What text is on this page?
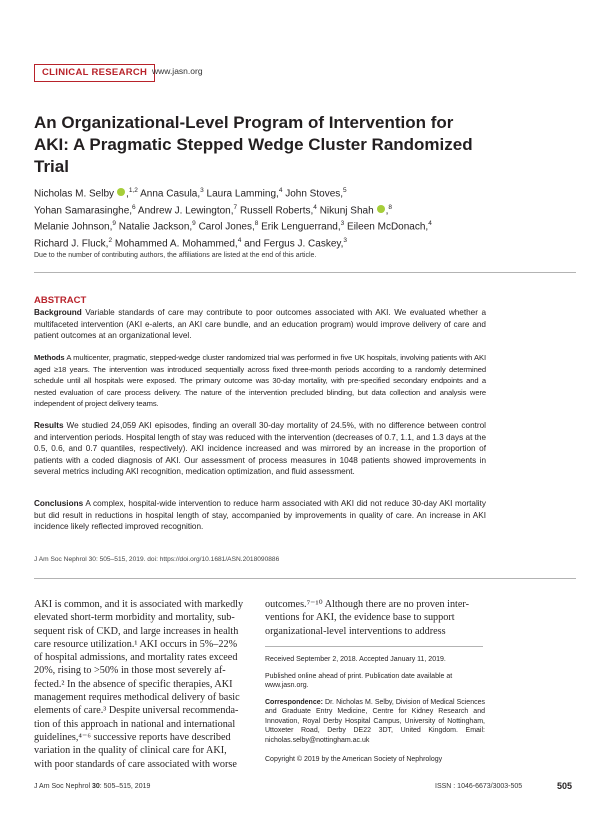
CLINICAL RESEARCH www.jasn.org
An Organizational-Level Program of Intervention for AKI: A Pragmatic Stepped Wedge Cluster Randomized Trial
Nicholas M. Selby ,$^{1,2}$ Anna Casula,$^3$ Laura Lamming,$^4$ John Stoves,$^5$
Yohan Samarasinghe,$^6$ Andrew J. Lewington,$^7$ Russell Roberts,$^4$ Nikunj Shah ,$^8$
Melanie Johnson,$^9$ Natalie Jackson,$^9$ Carol Jones,$^8$ Erik Lenguerrand,$^3$ Eileen McDonach,$^4$
Richard J. Fluck,$^2$ Mohammed A. Mohammed,$^4$ and Fergus J. Caskey,$^3$
Due to the number of contributing authors, the affiliations are listed at the end of this article.
ABSTRACT
Background Variable standards of care may contribute to poor outcomes associated with AKI. We evaluated whether a multifaceted intervention (AKI e-alerts, an AKI care bundle, and an education program) would improve delivery of care and patient outcomes at an organizational level.
Methods A multicenter, pragmatic, stepped-wedge cluster randomized trial was performed in five UK hospitals, involving patients with AKI aged ≥18 years. The intervention was introduced sequentially across fixed three-month periods according to a randomly determined schedule until all hospitals were exposed. The primary outcome was 30-day mortality, with pre-specified secondary endpoints and a nested evaluation of care process delivery. The nature of the intervention precluded blinding, but data collection and analysis were independent of project delivery teams.
Results We studied 24,059 AKI episodes, finding an overall 30-day mortality of 24.5%, with no difference between control and intervention periods. Hospital length of stay was reduced with the intervention (decreases of 0.7, 1.1, and 1.3 days at the 0.5, 0.6, and 0.7 quantiles, respectively). AKI incidence increased and was mirrored by an increase in the proportion of patients with a coded diagnosis of AKI. Our assessment of process measures in 1048 patients showed improvements in several metrics including AKI recognition, medication optimization, and fluid assessment.
Conclusions A complex, hospital-wide intervention to reduce harm associated with AKI did not reduce 30-day AKI mortality but did result in reductions in hospital length of stay, accompanied by improvements in quality of care. An increase in AKI incidence likely reflected improved recognition.
J Am Soc Nephrol 30: 505–515, 2019. doi: https://doi.org/10.1681/ASN.2018090886
AKI is common, and it is associated with markedly
elevated short-term morbidity and mortality, sub-
sequent risk of CKD, and large increases in health
care resource utilization.¹ AKI occurs in 5%–22%
of hospital admissions, and mortality rates exceed
20%, rising to >50% in those most severely af-
fected.² In the absence of specific therapies, AKI
management requires methodical delivery of basic
elements of care.³ Despite universal recommenda-
tion of this approach in national and international
guidelines,⁴⁻⁶ successive reports have described
variation in the quality of clinical care for AKI,
with poor standards of care associated with worse
outcomes.⁷⁻¹⁰ Although there are no proven inter-
ventions for AKI, the evidence base to support
organizational-level interventions to address
Received September 2, 2018. Accepted January 11, 2019.
Published online ahead of print. Publication date available at www.jasn.org.
Correspondence: Dr. Nicholas M. Selby, Division of Medical Sciences and Graduate Entry Medicine, Centre for Kidney Research and Innovation, Royal Derby Hospital Campus, University of Nottingham, Uttoxeter Road, Derby DE22 3DT, United Kingdom. Email: nicholas.selby@nottingham.ac.uk
Copyright © 2019 by the American Society of Nephrology
J Am Soc Nephrol 30: 505–515, 2019	ISSN : 1046-6673/3003-505	505
